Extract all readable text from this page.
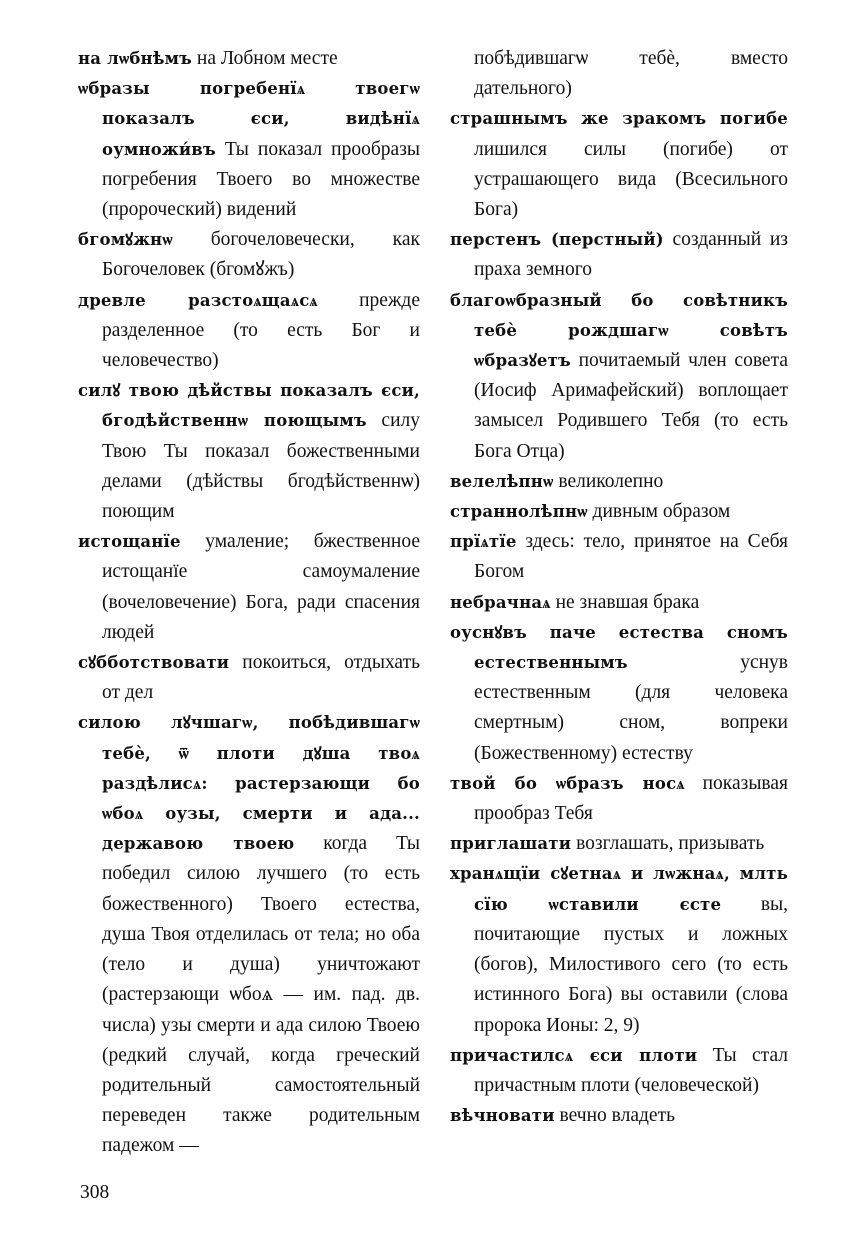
на лѡбнѣмъ на Лобном месте

ѡбразы погребенїѧ твоегѡ показалъ єси, видѣнїѧ оумножи́въ Ты показал прообразы погребения Твоего во множестве (пророческий) видений

бгомꙋжнѡ богочеловечески, как Богочеловек (бгомꙋжъ)

древле разстоѧщаѧсѧ прежде разделенное (то есть Бог и человечество)

силꙋ твою дѣйствы показалъ єси, бгодѣйственнѡ поющымъ силу Твою Ты показал божественными делами (дѣйствы бгодѣйственнѡ) поющим

истощанїе умаление; бжественное истощанїе самоумаление (вочеловечение) Бога, ради спасения людей

сꙋбботствовати покоиться, отдыхать от дел

силою лꙋчшагѡ, побѣдившагѡ тебѐ, ѿ плоти дꙋша твоѧ раздѣлисѧ: растерзающи бо ѡбоѧ оузы, смерти и ада... державою твоею когда Ты победил силою лучшего (то есть божественного) Твоего естества, душа Твоя отделилась от тела; но оба (тело и душа) уничтожают (растерзающи ѡбоѧ — им. пад. дв. числа) узы смерти и ада силою Твоею (редкий случай, когда греческий родительный самостоятельный переведен также родительным падежом —

побѣдившагѡ тебѐ, вместо дательного)

страшнымъ же зракомъ погибе лишился силы (погибе) от устрашающего вида (Всесильного Бога)

перстенъ (перстный) созданный из праха земного

благоѡбразный бо совѣтникъ тебѐ рождшагѡ совѣтъ ѡбразꙋетъ почитаемый член совета (Иосиф Аримафейский) воплощает замысел Родившего Тебя (то есть Бога Отца)

велелѣпнѡ великолепно

страннолѣпнѡ дивным образом

прїѧтїе здесь: тело, принятое на Себя Богом

небрачнаѧ не знавшая брака

оуснꙋвъ паче естества сномъ естественнымъ уснув естественным (для человека смертным) сном, вопреки (Божественному) естеству

твой бо ѡбразъ носѧ показывая прообраз Тебя

приглашати возглашать, призывать

хранѧщїи сꙋетнаѧ и лѡжнаѧ, млть сїю ѡставили єсте вы, почитающие пустых и ложных (богов), Милостивого сего (то есть истинного Бога) вы оставили (слова пророка Ионы: 2, 9)

причастилсѧ єси плоти Ты стал причастным плоти (человеческой)

вѣчновати вечно владеть

308
